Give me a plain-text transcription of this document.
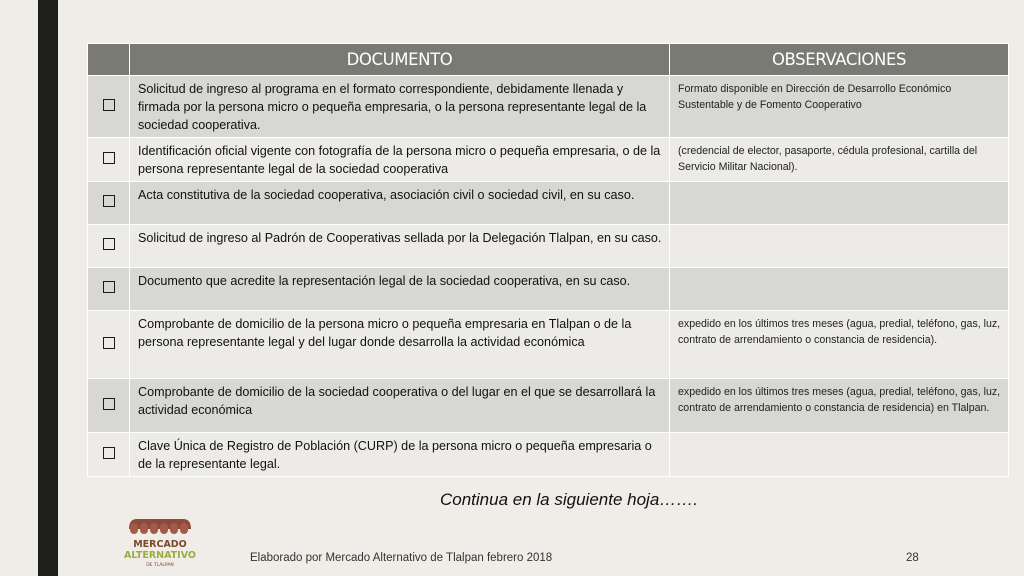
	DOCUMENTO	OBSERVACIONES
	Solicitud de ingreso al programa en el formato correspondiente, debidamente llenada y firmada por la persona micro o pequeña empresaria, o la persona representante legal de la sociedad cooperativa.	Formato disponible en Dirección de Desarrollo Económico Sustentable y de Fomento Cooperativo
	Identificación oficial vigente con fotografía de la persona micro o pequeña empresaria, o de la persona representante legal de la sociedad cooperativa	(credencial de elector, pasaporte, cédula profesional, cartilla del Servicio Militar Nacional).
	Acta constitutiva de la sociedad cooperativa, asociación civil o sociedad civil, en su caso.	
	Solicitud de ingreso al Padrón de Cooperativas sellada por la Delegación Tlalpan, en su caso.	
	Documento que acredite la representación legal de la sociedad cooperativa, en su caso.	
	Comprobante de domicilio de la persona micro o pequeña empresaria en Tlalpan o de la persona representante legal y del lugar donde desarrolla la actividad económica	expedido en los últimos tres meses (agua, predial, teléfono, gas, luz, contrato de arrendamiento o constancia de residencia).
	Comprobante de domicilio de la sociedad cooperativa o del lugar en el que se desarrollará la actividad económica	expedido en los últimos tres meses (agua, predial, teléfono, gas, luz, contrato de arrendamiento o constancia de residencia) en Tlalpan.
	Clave Única de Registro de Población (CURP) de la persona micro o pequeña empresaria o de la representante legal.	

Continua en la siguiente hoja…….

MERCADO
ALTERNATIVO
DE TLALPAN
Elaborado por Mercado Alternativo de Tlalpan febrero 2018	28
